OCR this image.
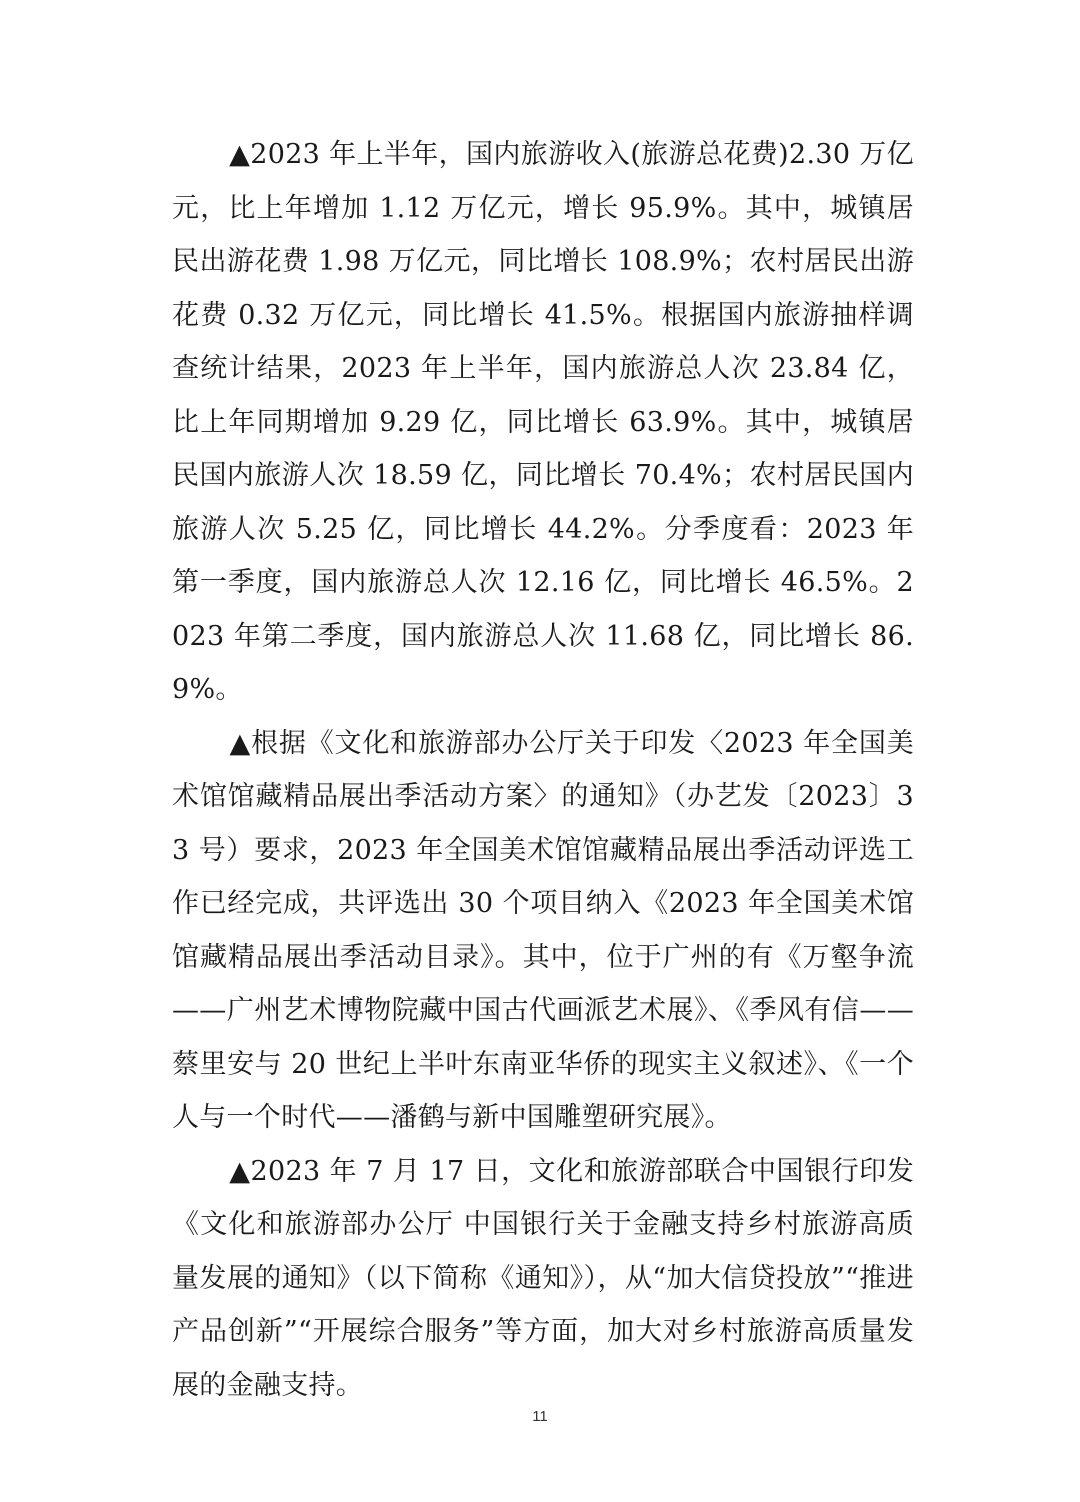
▲2023 年上半年，国内旅游收入(旅游总花费)2.30 万亿元，比上年增加 1.12 万亿元，增长 95.9%。其中，城镇居民出游花费 1.98 万亿元，同比增长 108.9%；农村居民出游花费 0.32 万亿元，同比增长 41.5%。根据国内旅游抽样调查统计结果，2023 年上半年，国内旅游总人次 23.84 亿，比上年同期增加 9.29 亿，同比增长 63.9%。其中，城镇居民国内旅游人次 18.59 亿，同比增长 70.4%；农村居民国内旅游人次 5.25 亿，同比增长 44.2%。分季度看：2023 年第一季度，国内旅游总人次 12.16 亿，同比增长 46.5%。2023 年第二季度，国内旅游总人次 11.68 亿，同比增长 86.9%。

▲根据《文化和旅游部办公厅关于印发〈2023 年全国美术馆馆藏精品展出季活动方案〉的通知》（办艺发〔2023〕33 号）要求，2023 年全国美术馆馆藏精品展出季活动评选工作已经完成，共评选出 30 个项目纳入《2023 年全国美术馆馆藏精品展出季活动目录》。其中，位于广州的有《万壑争流——广州艺术博物院藏中国古代画派艺术展》、《季风有信——蔡里安与 20 世纪上半叶东南亚华侨的现实主义叙述》、《一个人与一个时代——潘鹤与新中国雕塑研究展》。

▲2023 年 7 月 17 日，文化和旅游部联合中国银行印发《文化和旅游部办公厅 中国银行关于金融支持乡村旅游高质量发展的通知》（以下简称《通知》），从“加大信贷投放”“推进产品创新”“开展综合服务”等方面，加大对乡村旅游高质量发展的金融支持。

11
